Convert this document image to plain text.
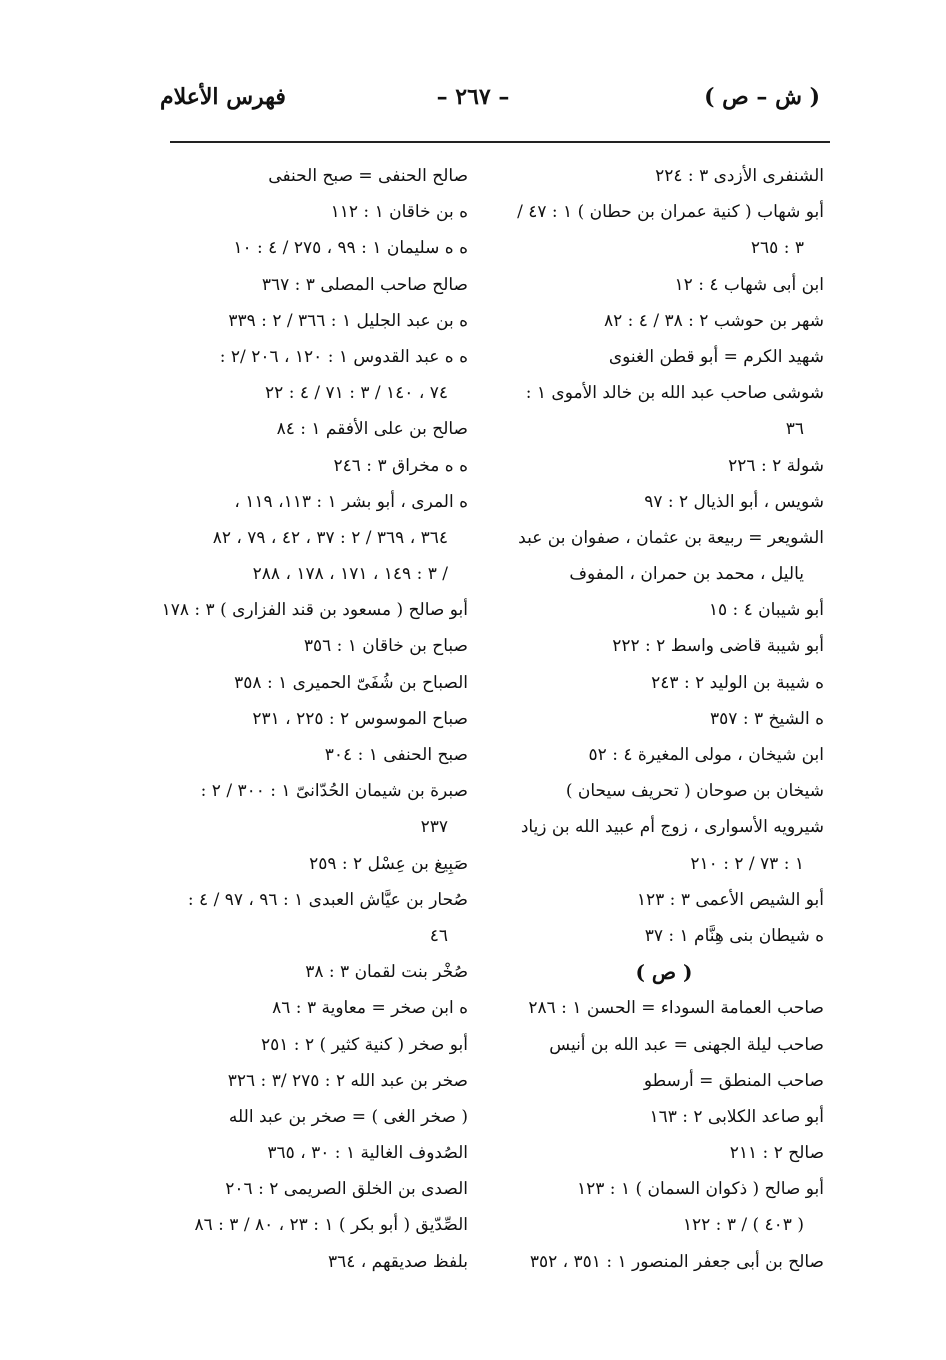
( ش – ص )
– ٢٦٧ –
فهرس الأعلام
الشنفرى الأزدى ٣ : ٢٢٤
أبو شهاب ( كنية عمران بن حطان ) ١ : ٤٧ /
٣ : ٢٦٥
ابن أبى شهاب ٤ : ١٢
شهر بن حوشب ٢ : ٣٨ / ٤ : ٨٢
شهيد الكرم = أبو قطن الغنوى
شوشى صاحب عبد الله بن خالد الأموى ١ :
٣٦
شولة ٢ : ٢٢٦
شويس ، أبو الذيال ٢ : ٩٧
الشويعر = ربيعة بن عثمان ، صفوان بن عبد
ياليل ، محمد بن حمران ، المفوف
أبو شيبان ٤ : ١٥
أبو شيبة قاضى واسط ٢ : ٢٢٢
ه شيبة بن الوليد ٢ : ٢٤٣
ه الشيخ ٣ : ٣٥٧
ابن شيخان ، مولى المغيرة ٤ : ٥٢
شيخان بن صوحان ( تحريف سيحان )
شيرويه الأسوارى ، زوج أم عبيد الله بن زياد
١ : ٧٣ / ٢ : ٢١٠
أبو الشيص الأعمى ٣ : ١٢٣
ه شيطان بنى هِنَّام ١ : ٣٧
( ص )
صاحب العمامة السوداء = الحسن ١ : ٢٨٦
صاحب ليلة الجهنى = عبد الله بن أنيس
صاحب المنطق = أرسطو
أبو صاعد الكلابى ٢ : ١٦٣
صالح ٢ : ٢١١
أبو صالح ( ذكوان السمان ) ١ : ١٢٣
( ٤٠٣ ) / ٣ : ١٢٢
صالح بن أبى جعفر المنصور ١ : ٣٥١ ، ٣٥٢
صالح الحنفى = صبح الحنفى
ه بن خاقان ١ : ١١٢
ه ه سليمان ١ : ٩٩ ، ٢٧٥ / ٤ : ١٠
صالح صاحب المصلى ٣ : ٣٦٧
ه بن عبد الجليل ١ : ٣٦٦ / ٢ : ٣٣٩
ه ه عبد القدوس ١ : ١٢٠ ، ٢٠٦ /٢ :
٧٤ ، ١٤٠ / ٣ : ٧١ / ٤ : ٢٢
صالح بن على الأفقم ١ : ٨٤
ه ه مخراق ٣ : ٢٤٦
ه المرى ، أبو بشر ١ : ١١٣، ١١٩ ،
٣٦٤ ، ٣٦٩ / ٢ : ٣٧ ، ٤٢ ، ٧٩ ، ٨٢
/ ٣ : ١٤٩ ، ١٧١ ، ١٧٨ ، ٢٨٨
أبو صالح ( مسعود بن قند الفزارى ) ٣ : ١٧٨
صباح بن خاقان ١ : ٣٥٦
الصباح بن شُفَىّ الحميرى ١ : ٣٥٨
صباح الموسوس ٢ : ٢٢٥ ، ٢٣١
صبح الحنفى ١ : ٣٠٤
صبرة بن شيمان الحُدّانىّ ١ : ٣٠٠ / ٢ :
٢٣٧
صَبِيغ بن عِسْل ٢ : ٢٥٩
صُحار بن عيَّاش العبدى ١ : ٩٦ ، ٩٧ / ٤ :
٤٦
صُخْر بنت لقمان ٣ : ٣٨
ه ابن صخر = معاوية ٣ : ٨٦
أبو صخر ( كنية كثير ) ٢ : ٢٥١
صخر بن عبد الله ٢ : ٢٧٥ /٣ : ٣٢٦
( صخر الغى ) = صخر بن عبد الله
الصُدوف الغالية ١ : ٣٠ ، ٣٦٥
الصدى بن الخلق الصريمى ٢ : ٢٠٦
الصِّدّيق ( أبو بكر ) ١ : ٢٣ ، ٨٠ / ٣ : ٨٦
بلفظ صديقهم ، ٣٦٤
